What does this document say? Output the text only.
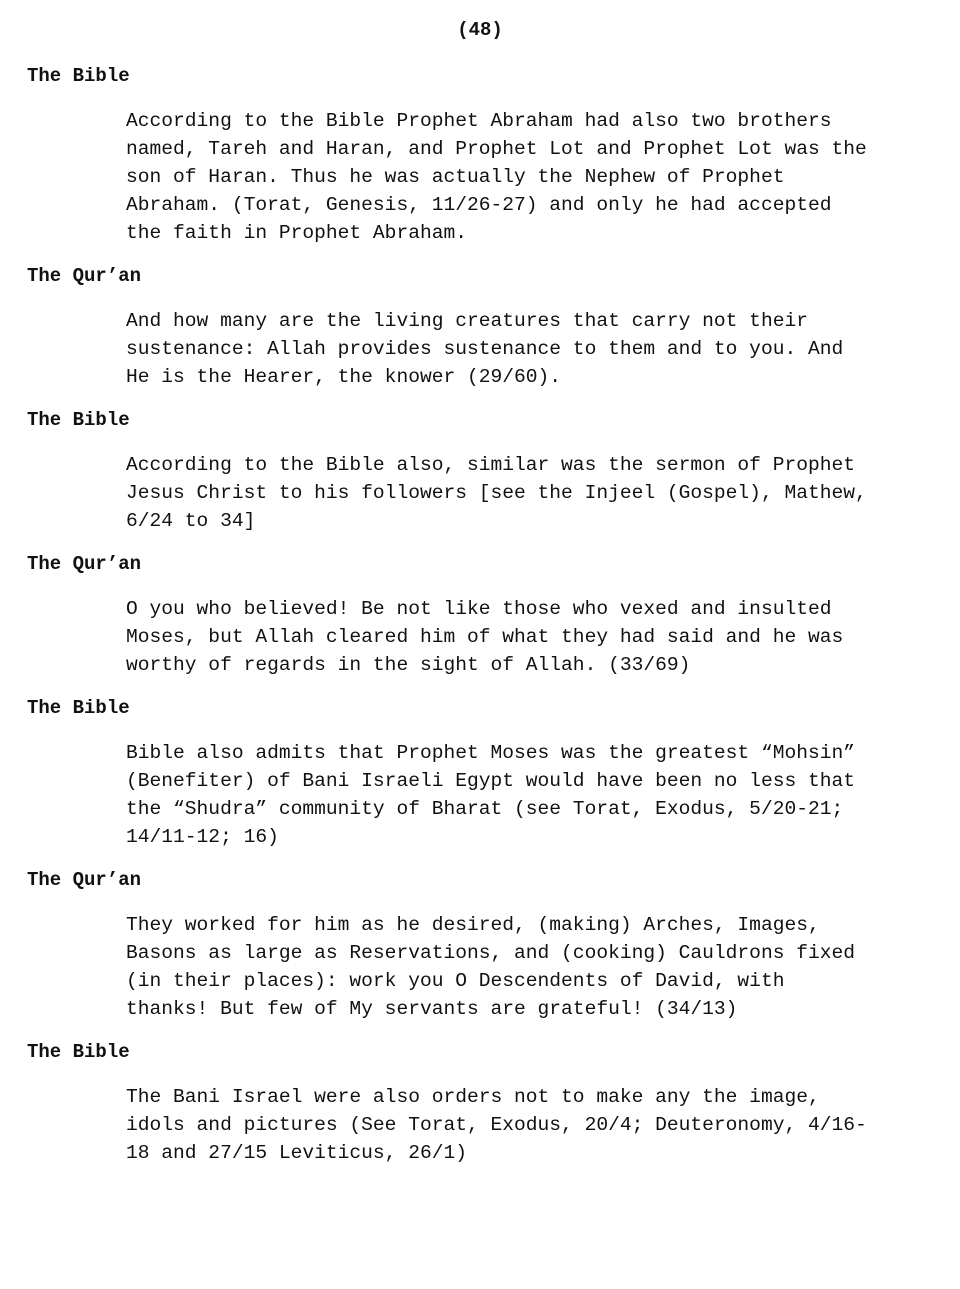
(48)
The Bible
According to the Bible Prophet Abraham had also two brothers
named, Tareh and Haran, and Prophet Lot and Prophet Lot was the
son of Haran. Thus he was actually the Nephew of Prophet
Abraham. (Torat, Genesis, 11/26-27) and only he had accepted
the faith in Prophet Abraham.
The Qur’an
And how many are the living creatures that carry not their
sustenance: Allah provides sustenance to them and to you. And
He is the Hearer, the knower (29/60).
The Bible
According to the Bible also, similar was the sermon of Prophet
Jesus Christ to his followers [see the Injeel (Gospel), Mathew,
6/24 to 34]
The Qur’an
O you who believed! Be not like those who vexed and insulted
Moses, but Allah cleared him of what they had said and he was
worthy of regards in the sight of Allah. (33/69)
The Bible
Bible also admits that Prophet Moses was the greatest “Mohsin”
(Benefiter) of Bani Israeli Egypt would have been no less that
the “Shudra” community of Bharat (see Torat, Exodus, 5/20-21;
14/11-12; 16)
The Qur’an
They worked for him as he desired, (making) Arches, Images,
Basons as large as Reservations, and (cooking) Cauldrons fixed
(in their places): work you O Descendents of David, with
thanks! But few of My servants are grateful! (34/13)
The Bible
The Bani Israel were also orders not to make any the image,
idols and pictures (See Torat, Exodus, 20/4; Deuteronomy, 4/16-
18 and 27/15 Leviticus, 26/1)
